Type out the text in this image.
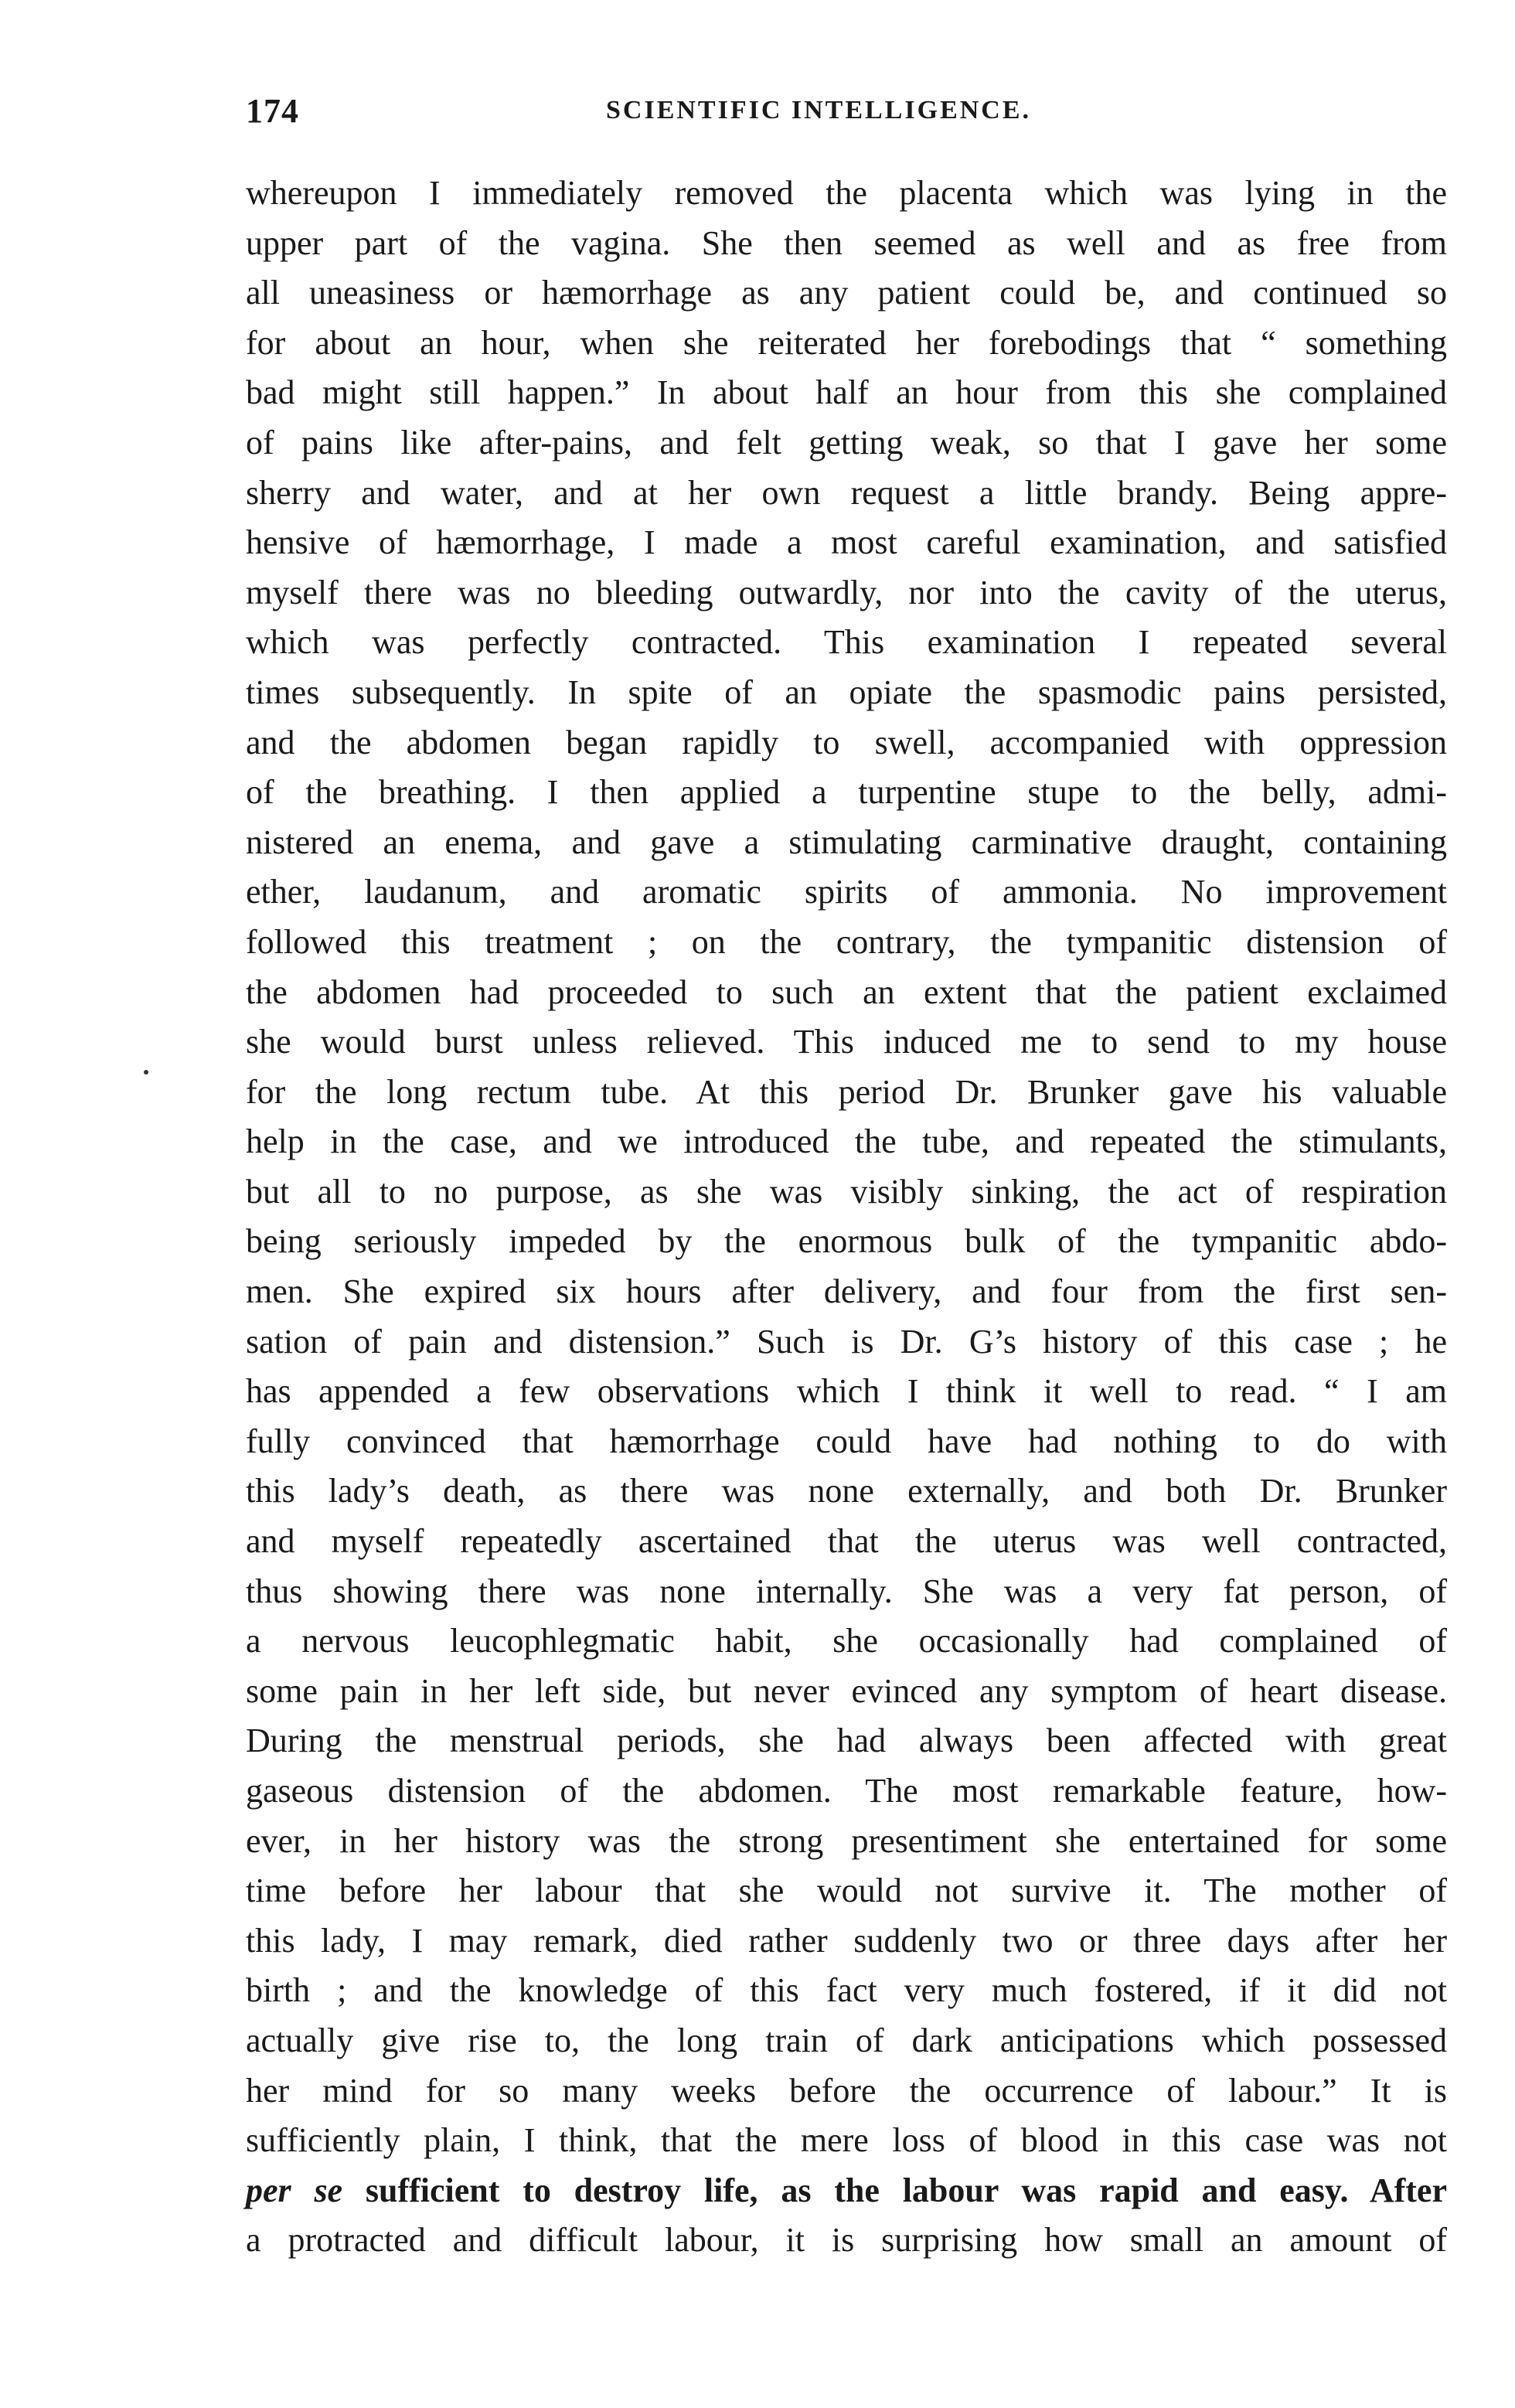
174	SCIENTIFIC INTELLIGENCE.
whereupon I immediately removed the placenta which was lying in the
upper part of the vagina. She then seemed as well and as free from
all uneasiness or hæmorrhage as any patient could be, and continued so
for about an hour, when she reiterated her forebodings that “ something
bad might still happen.” In about half an hour from this she complained
of pains like after-pains, and felt getting weak, so that I gave her some
sherry and water, and at her own request a little brandy. Being appre-
hensive of hæmorrhage, I made a most careful examination, and satisfied
myself there was no bleeding outwardly, nor into the cavity of the uterus,
which was perfectly contracted. This examination I repeated several
times subsequently. In spite of an opiate the spasmodic pains persisted,
and the abdomen began rapidly to swell, accompanied with oppression
of the breathing. I then applied a turpentine stupe to the belly, admi-
nistered an enema, and gave a stimulating carminative draught, containing
ether, laudanum, and aromatic spirits of ammonia. No improvement
followed this treatment ; on the contrary, the tympanitic distension of
the abdomen had proceeded to such an extent that the patient exclaimed
she would burst unless relieved. This induced me to send to my house
for the long rectum tube. At this period Dr. Brunker gave his valuable
help in the case, and we introduced the tube, and repeated the stimulants,
but all to no purpose, as she was visibly sinking, the act of respiration
being seriously impeded by the enormous bulk of the tympanitic abdo-
men. She expired six hours after delivery, and four from the first sen-
sation of pain and distension.” Such is Dr. G’s history of this case ; he
has appended a few observations which I think it well to read. “ I am
fully convinced that hæmorrhage could have had nothing to do with
this lady’s death, as there was none externally, and both Dr. Brunker
and myself repeatedly ascertained that the uterus was well contracted,
thus showing there was none internally. She was a very fat person, of
a nervous leucophlegmatic habit, she occasionally had complained of
some pain in her left side, but never evinced any symptom of heart disease.
During the menstrual periods, she had always been affected with great
gaseous distension of the abdomen. The most remarkable feature, how-
ever, in her history was the strong presentiment she entertained for some
time before her labour that she would not survive it. The mother of
this lady, I may remark, died rather suddenly two or three days after her
birth ; and the knowledge of this fact very much fostered, if it did not
actually give rise to, the long train of dark anticipations which possessed
her mind for so many weeks before the occurrence of labour.” It is
sufficiently plain, I think, that the mere loss of blood in this case was not
per se sufficient to destroy life, as the labour was rapid and easy. After
a protracted and difficult labour, it is surprising how small an amount of
